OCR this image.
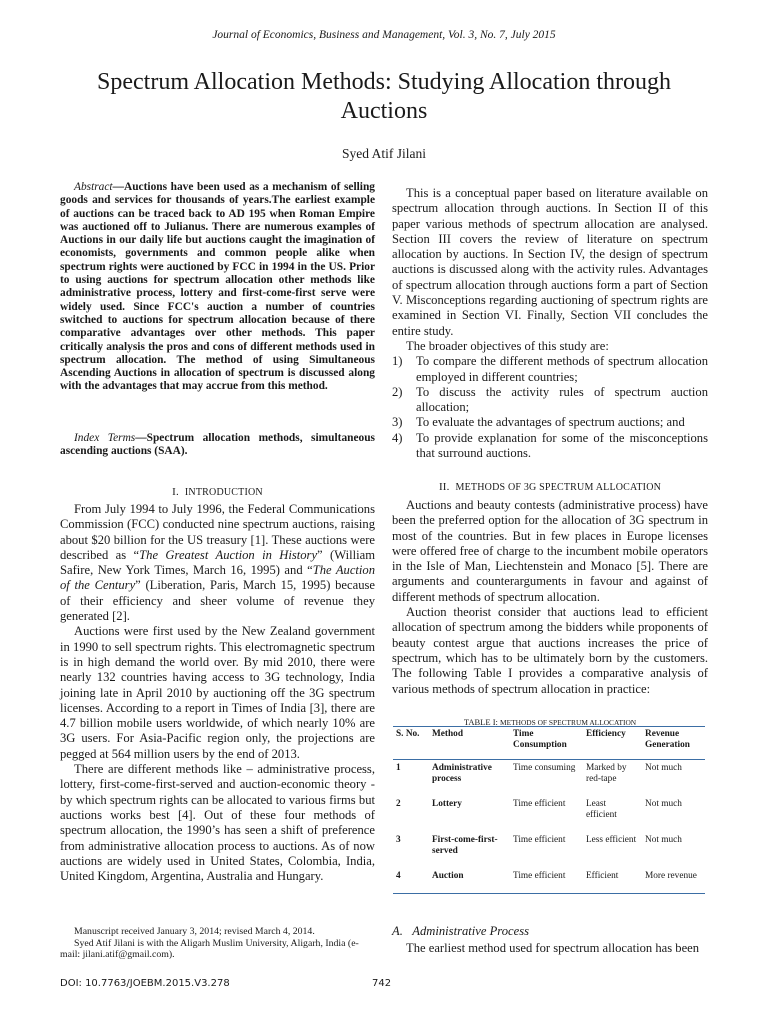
Journal of Economics, Business and Management, Vol. 3, No. 7, July 2015
Spectrum Allocation Methods: Studying Allocation through Auctions
Syed Atif Jilani

Abstract—Auctions have been used as a mechanism of selling goods and services for thousands of years.The earliest example of auctions can be traced back to AD 195 when Roman Empire was auctioned off to Julianus. There are numerous examples of Auctions in our daily life but auctions caught the imagination of economists, governments and common people alike when spectrum rights were auctioned by FCC in 1994 in the US. Prior to using auctions for spectrum allocation other methods like administrative process, lottery and first-come-first serve were widely used. Since FCC's auction a number of countries switched to auctions for spectrum allocation because of there comparative advantages over other methods. This paper critically analysis the pros and cons of different methods used in spectrum allocation. The method of using Simultaneous Ascending Auctions in allocation of spectrum is discussed along with the advantages that may accrue from this method.

Index Terms—Spectrum allocation methods, simultaneous ascending auctions (SAA).

I. INTRODUCTION

From July 1994 to July 1996, the Federal Communications Commission (FCC) conducted nine spectrum auctions, raising about $20 billion for the US treasury [1]. These auctions were described as “The Greatest Auction in History” (William Safire, New York Times, March 16, 1995) and “The Auction of the Century” (Liberation, Paris, March 15, 1995) because of their efficiency and sheer volume of revenue they generated [2].

Auctions were first used by the New Zealand government in 1990 to sell spectrum rights. This electromagnetic spectrum is in high demand the world over. By mid 2010, there were nearly 132 countries having access to 3G technology, India joining late in April 2010 by auctioning off the 3G spectrum licenses. According to a report in Times of India [3], there are 4.7 billion mobile users worldwide, of which nearly 10% are 3G users. For Asia-Pacific region only, the projections are pegged at 564 million users by the end of 2013.

There are different methods like – administrative process, lottery, first-come-first-served and auction-economic theory - by which spectrum rights can be allocated to various firms but auctions works best [4]. Out of these four methods of spectrum allocation, the 1990’s has seen a shift of preference from administrative allocation process to auctions. As of now auctions are widely used in United States, Colombia, India, United Kingdom, Argentina, Australia and Hungary.

Manuscript received January 3, 2014; revised March 4, 2014.

Syed Atif Jilani is with the Aligarh Muslim University, Aligarh, India (e-mail: jilani.atif@gmail.com).

This is a conceptual paper based on literature available on spectrum allocation through auctions. In Section II of this paper various methods of spectrum allocation are analysed. Section III covers the review of literature on spectrum allocation by auctions. In Section IV, the design of spectrum auctions is discussed along with the activity rules. Advantages of spectrum allocation through auctions form a part of Section V. Misconceptions regarding auctioning of spectrum rights are examined in Section VI. Finally, Section VII concludes the entire study.

The broader objectives of this study are:

1) To compare the different methods of spectrum allocation employed in different countries;
2) To discuss the activity rules of spectrum auction allocation;
3) To evaluate the advantages of spectrum auctions; and
4) To provide explanation for some of the misconceptions that surround auctions.
II. METHODS OF 3G SPECTRUM ALLOCATION

Auctions and beauty contests (administrative process) have been the preferred option for the allocation of 3G spectrum in most of the countries. But in few places in Europe licenses were offered free of charge to the incumbent mobile operators in the Isle of Man, Liechtenstein and Monaco [5]. There are arguments and counterarguments in favour and against of different methods of spectrum allocation.

Auction theorist consider that auctions lead to efficient allocation of spectrum among the bidders while proponents of beauty contest argue that auctions increases the price of spectrum, which has to be ultimately born by the customers. The following Table I provides a comparative analysis of various methods of spectrum allocation in practice:

TABLE I: METHODS OF SPECTRUM ALLOCATION
S. No.	Method	Time Consumption	Efficiency	Revenue Generation
1	Administrative process	Time consuming	Marked by red-tape	Not much
2	Lottery	Time efficient	Least efficient	Not much
3	First-come-first-served	Time efficient	Less efficient	Not much
4	Auction	Time efficient	Efficient	More revenue
A. Administrative Process
The earliest method used for spectrum allocation has been
DOI: 10.7763/JOEBM.2015.V3.278	742
